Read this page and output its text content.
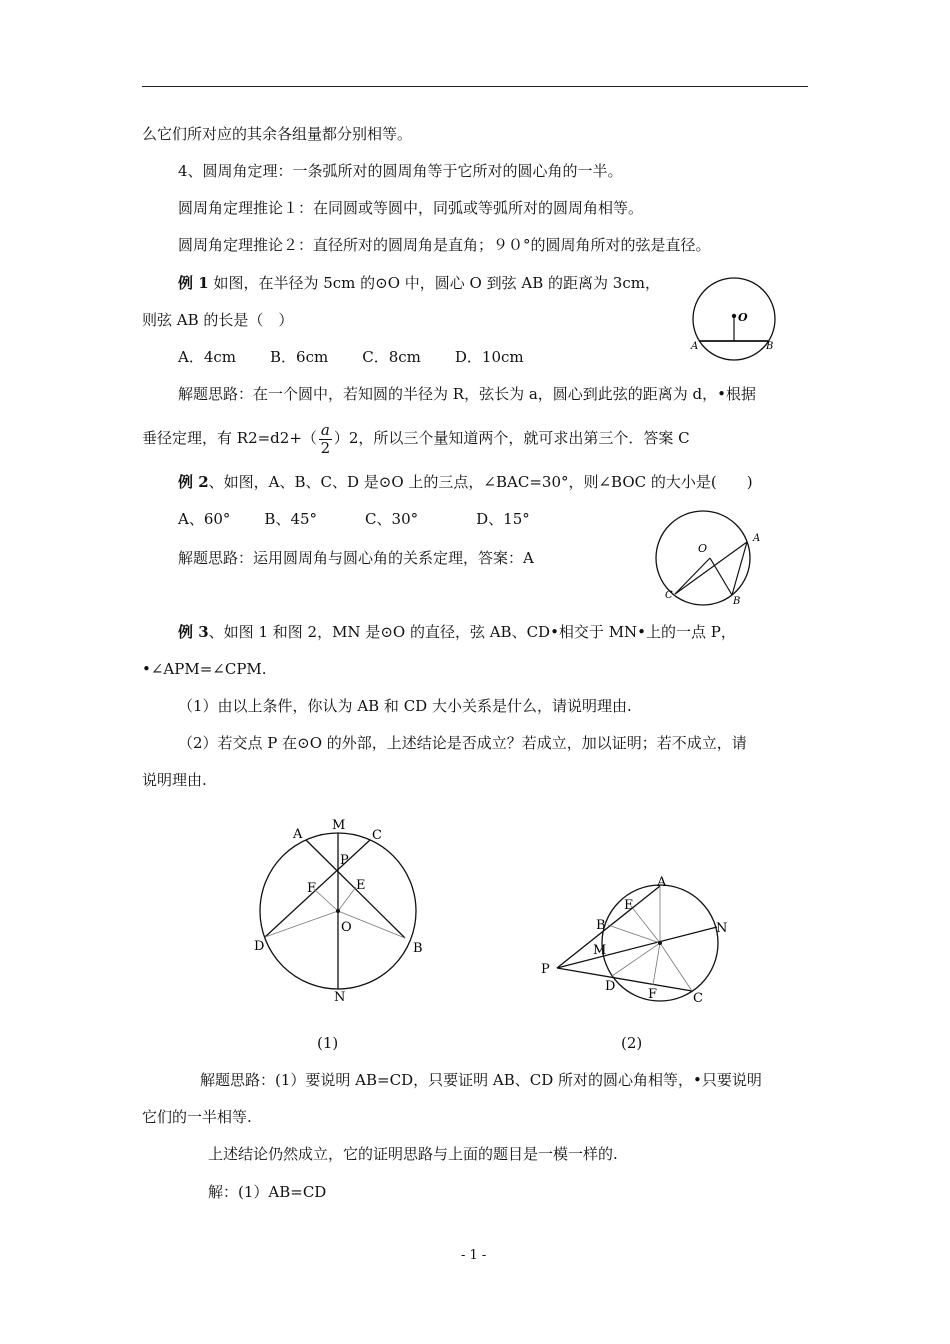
么它们所对应的其余各组量都分别相等。
4、圆周角定理：一条弧所对的圆周角等于它所对的圆心角的一半。
圆周角定理推论１：在同圆或等圆中，同弧或等弧所对的圆周角相等。
圆周角定理推论２：直径所对的圆周角是直角；９０°的圆周角所对的弦是直径。
例 1 如图，在半径为 5cm 的⊙O 中，圆心 O 到弦 AB 的距离为 3cm，
则弦 AB 的长是（　）
A．4cm B．6cm C．8cm D．10cm
解题思路：在一个圆中，若知圆的半径为 R，弦长为 a，圆心到此弦的距离为 d，•根据
垂径定理，有 $R2=d2+( \frac{a}{2} )2$，所以三个量知道两个，就可求出第三个．答案 C
O
A	B
例 2、如图，A、B、C、D 是⊙O 上的三点，∠BAC=30°，则∠BOC 的大小是(　　)
A、60° B、45°	C、30°	D、15°
解题思路：运用圆周角与圆心角的关系定理，答案：A
O
A
C
B
例 3、如图 1 和图 2，MN 是⊙O 的直径，弦 AB、CD•相交于 MN•上的一点 P，
•∠APM=∠CPM.
（1）由以上条件，你认为 AB 和 CD 大小关系是什么，请说明理由.
（2）若交点 P 在⊙O 的外部，上述结论是否成立？若成立，加以证明；若不成立，请
说明理由.
M
A	C
P
F	E
O
D	B
N
(1)
A
E
B	N
M
P
D
F	C
(2)
解题思路：(1）要说明 AB=CD，只要证明 AB、CD 所对的圆心角相等，•只要说明
它们的一半相等.
上述结论仍然成立，它的证明思路与上面的题目是一模一样的.
解：(1）AB=CD
- 1 -
